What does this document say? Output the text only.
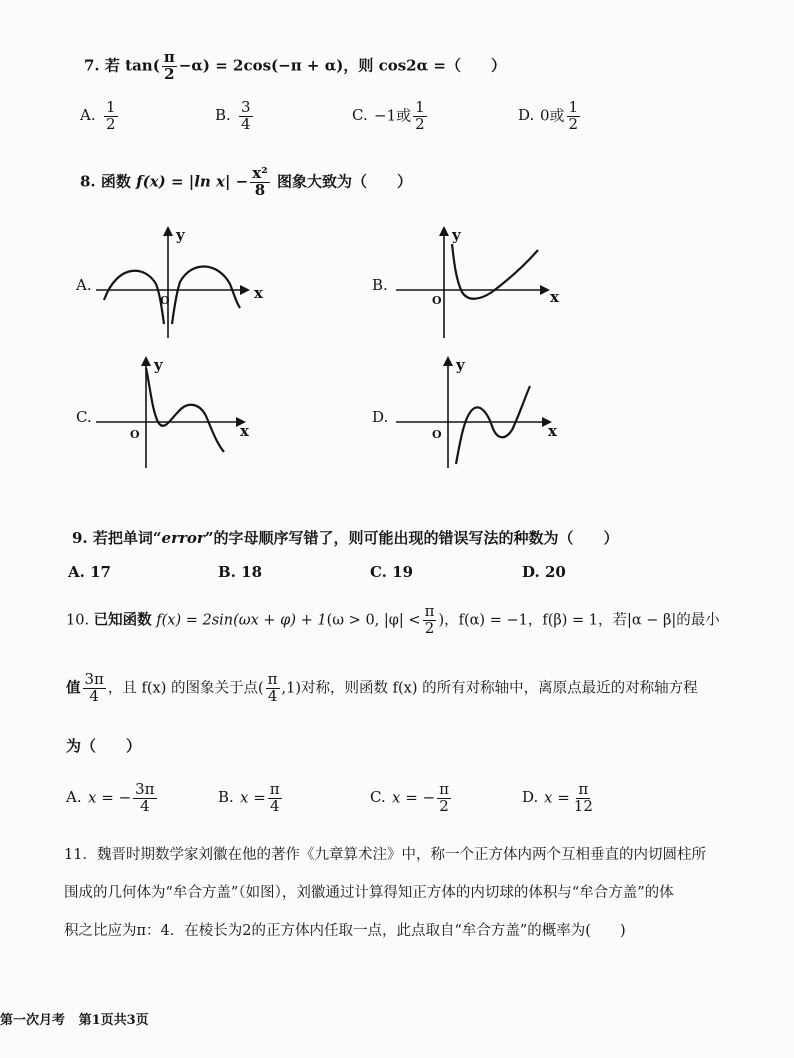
7. 若 $\tan( \frac{\pi}{2} -\alpha) = 2\cos(-\pi + \alpha)$，则 cos2α =（　　）
A. $\frac{1}{2}$	B. $\frac{3}{4}$	C. −1或 $\frac{1}{2}$	D. 0或 $\frac{1}{2}$
8. 函数 f(x) = |ln $x| - \frac{\text{x²}}{8}$ 图象大致为（　　）
A.	x
y
O
B.
x
y
O
C.
x
y
O
D.
x
y
O
9. 若把单词“error”的字母顺序写错了，则可能出现的错误写法的种数为（　　）
A. 17	B. 18	C. 19	D. 20
10. 已知函数 f(x) = 2sin(ωx + φ) + 1(ω > 0, $|\varphi| < \frac{\pi}{2}$ )，f(α) = −1，f(β) = 1，若|α − β|的最小
值 $\frac{3\pi}{4}$ ，且 f(x) 的图象关于点( $\frac{\pi}{4} ,1$)对称，则函数 f(x) 的所有对称轴中，离原点最近的对称轴方程
为（　　）
A. x = − $\frac{3\pi}{4}$	B. $x = \frac{\pi}{4}$	C. x = − $\frac{\pi}{2}$	D. $x = \frac{\pi}{12}$
11．魏晋时期数学家刘徽在他的著作《九章算术注》中，称一个正方体内两个互相垂直的内切圆柱所
围成的几何体为“牟合方盖”（如图），刘徽通过计算得知正方体的内切球的体积与“牟合方盖”的体
积之比应为π：4．在棱长为2的正方体内任取一点，此点取自“牟合方盖”的概率为(　　)
第一次月考 第1页共3页
